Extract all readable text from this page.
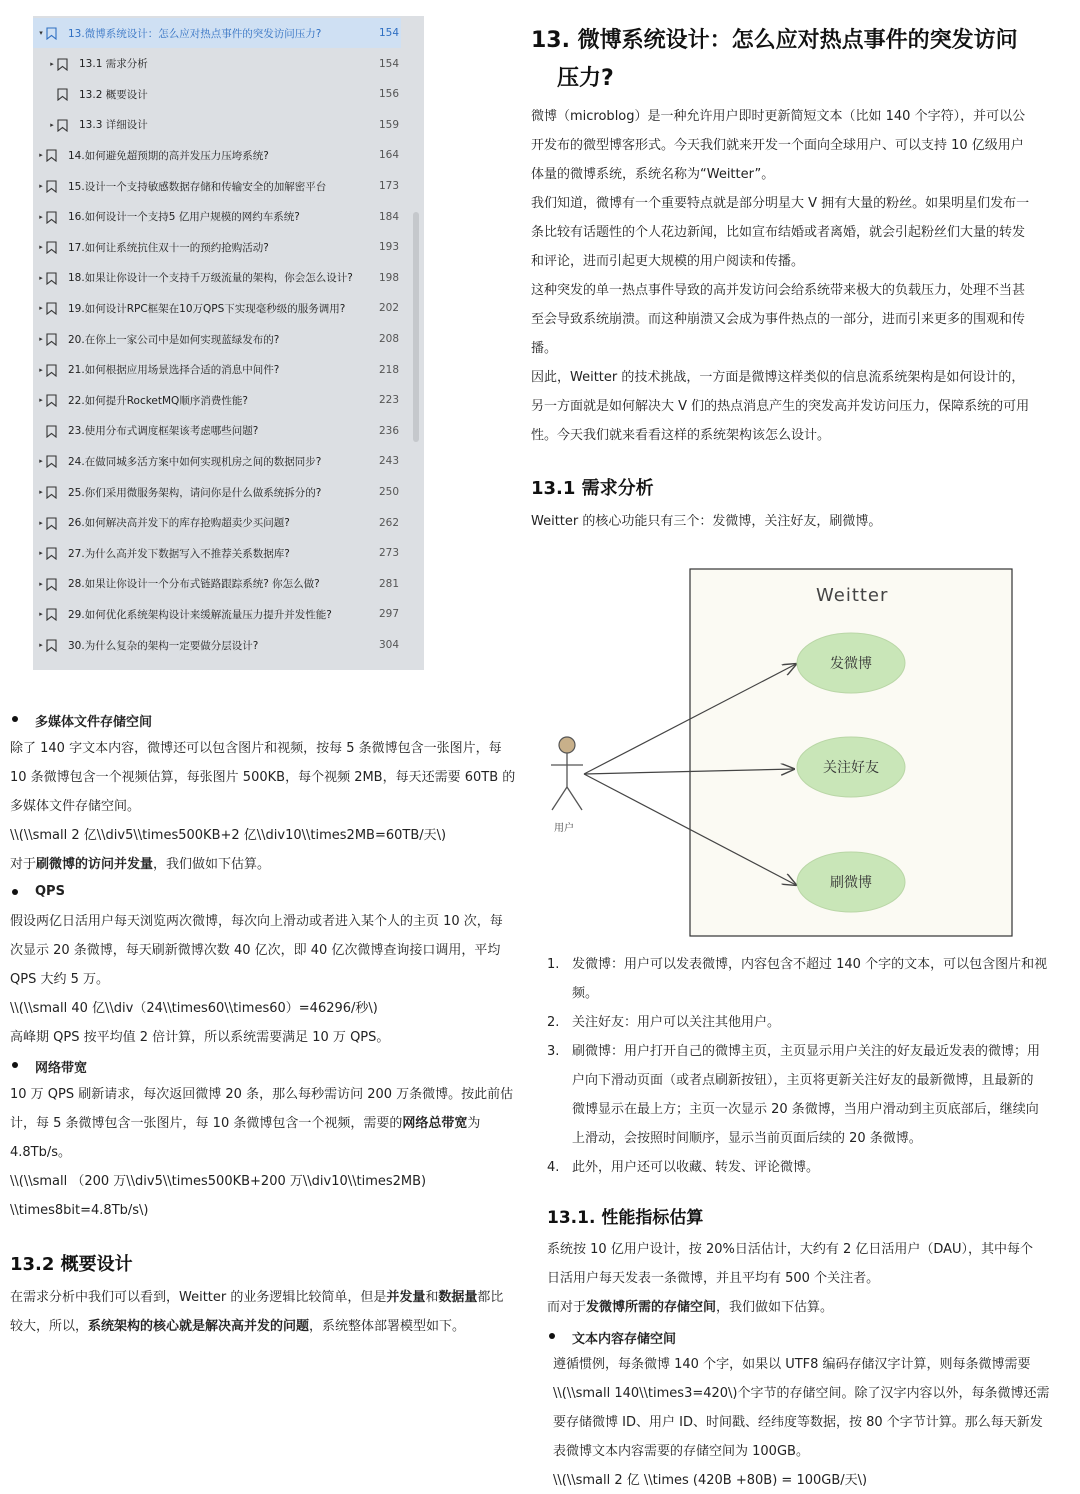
▾ 13.微博系统设计：怎么应对热点事件的突发访问压力?	154
▸ 13.1 需求分析	154
13.2 概要设计	156
▸ 13.3 详细设计	159
▸ 14.如何避免超预期的高并发压力压垮系统?	164
▸ 15.设计一个支持敏感数据存储和传输安全的加解密平台	173
▸ 16.如何设计一个支持5 亿用户规模的网约车系统?	184
▸ 17.如何让系统抗住双十一的预约抢购活动?	193
▸ 18.如果让你设计一个支持千万级流量的架构，你会怎么设计?	198
▸ 19.如何设计RPC框架在10万QPS下实现毫秒级的服务调用?	202
▸ 20.在你上一家公司中是如何实现蓝绿发布的?	208
▸ 21.如何根据应用场景选择合适的消息中间件?	218
▸ 22.如何提升RocketMQ顺序消费性能?	223
23.使用分布式调度框架该考虑哪些问题?	236
▸ 24.在做同城多活方案中如何实现机房之间的数据同步?	243
▸ 25.你们采用微服务架构，请问你是什么做系统拆分的?	250
▸ 26.如何解决高并发下的库存抢购超卖少买问题?	262
▸ 27.为什么高并发下数据写入不推荐关系数据库?	273
▸ 28.如果让你设计一个分布式链路跟踪系统? 你怎么做?	281
▸ 29.如何优化系统架构设计来缓解流量压力提升并发性能?	297
▸ 30.为什么复杂的架构一定要做分层设计?	304
多媒体文件存储空间
除了 140 字文本内容，微博还可以包含图片和视频，按每 5 条微博包含一张图片，每
10 条微博包含一个视频估算，每张图片 500KB，每个视频 2MB，每天还需要 60TB 的
多媒体文件存储空间。
\\(\\small 2 亿\\div5\\times500KB+2 亿\\div10\\times2MB=60TB/天\)
对于刷微博的访问并发量，我们做如下估算。
QPS
假设两亿日活用户每天浏览两次微博，每次向上滑动或者进入某个人的主页 10 次，每
次显示 20 条微博，每天刷新微博次数 40 亿次，即 40 亿次微博查询接口调用，平均
QPS 大约 5 万。
\\(\\small 40 亿\\div（24\\times60\\times60）=46296/秒\)
高峰期 QPS 按平均值 2 倍计算，所以系统需要满足 10 万 QPS。
网络带宽
10 万 QPS 刷新请求，每次返回微博 20 条，那么每秒需访问 200 万条微博。按此前估
计，每 5 条微博包含一张图片，每 10 条微博包含一个视频，需要的网络总带宽为
4.8Tb/s。
\\(\\small （200 万\\div5\\times500KB+200 万\\div10\\times2MB)
\\times8bit=4.8Tb/s\)
13.2 概要设计
在需求分析中我们可以看到，Weitter 的业务逻辑比较简单，但是并发量和数据量都比
较大，所以，系统架构的核心就是解决高并发的问题，系统整体部署模型如下。
13. 微博系统设计：怎么应对热点事件的突发访问
压力?
微博（microblog）是一种允许用户即时更新简短文本（比如 140 个字符），并可以公
开发布的微型博客形式。今天我们就来开发一个面向全球用户、可以支持 10 亿级用户
体量的微博系统，系统名称为“Weitter”。
我们知道，微博有一个重要特点就是部分明星大 V 拥有大量的粉丝。如果明星们发布一
条比较有话题性的个人花边新闻，比如宣布结婚或者离婚，就会引起粉丝们大量的转发
和评论，进而引起更大规模的用户阅读和传播。
这种突发的单一热点事件导致的高并发访问会给系统带来极大的负载压力，处理不当甚
至会导致系统崩溃。而这种崩溃又会成为事件热点的一部分，进而引来更多的围观和传
播。
因此，Weitter 的技术挑战，一方面是微博这样类似的信息流系统架构是如何设计的，
另一方面就是如何解决大 V 们的热点消息产生的突发高并发访问压力，保障系统的可用
性。今天我们就来看看这样的系统架构该怎么设计。
13.1 需求分析
Weitter 的核心功能只有三个：发微博，关注好友，刷微博。
Weitter
发微博
关注好友
刷微博
用户
1. 发微博：用户可以发表微博，内容包含不超过 140 个字的文本，可以包含图片和视
频。
2. 关注好友：用户可以关注其他用户。
3. 刷微博：用户打开自己的微博主页，主页显示用户关注的好友最近发表的微博；用
户向下滑动页面（或者点刷新按钮），主页将更新关注好友的最新微博，且最新的
微博显示在最上方；主页一次显示 20 条微博，当用户滑动到主页底部后，继续向
上滑动，会按照时间顺序，显示当前页面后续的 20 条微博。
4. 此外，用户还可以收藏、转发、评论微博。
13.1. 性能指标估算
系统按 10 亿用户设计，按 20%日活估计，大约有 2 亿日活用户（DAU），其中每个
日活用户每天发表一条微博，并且平均有 500 个关注者。
而对于发微博所需的存储空间，我们做如下估算。
文本内容存储空间
遵循惯例，每条微博 140 个字，如果以 UTF8 编码存储汉字计算，则每条微博需要
\\(\\small 140\\times3=420\)个字节的存储空间。除了汉字内容以外，每条微博还需
要存储微博 ID、用户 ID、时间戳、经纬度等数据，按 80 个字节计算。那么每天新发
表微博文本内容需要的存储空间为 100GB。
\\(\\small 2 亿 \\times (420B +80B) = 100GB/天\)
